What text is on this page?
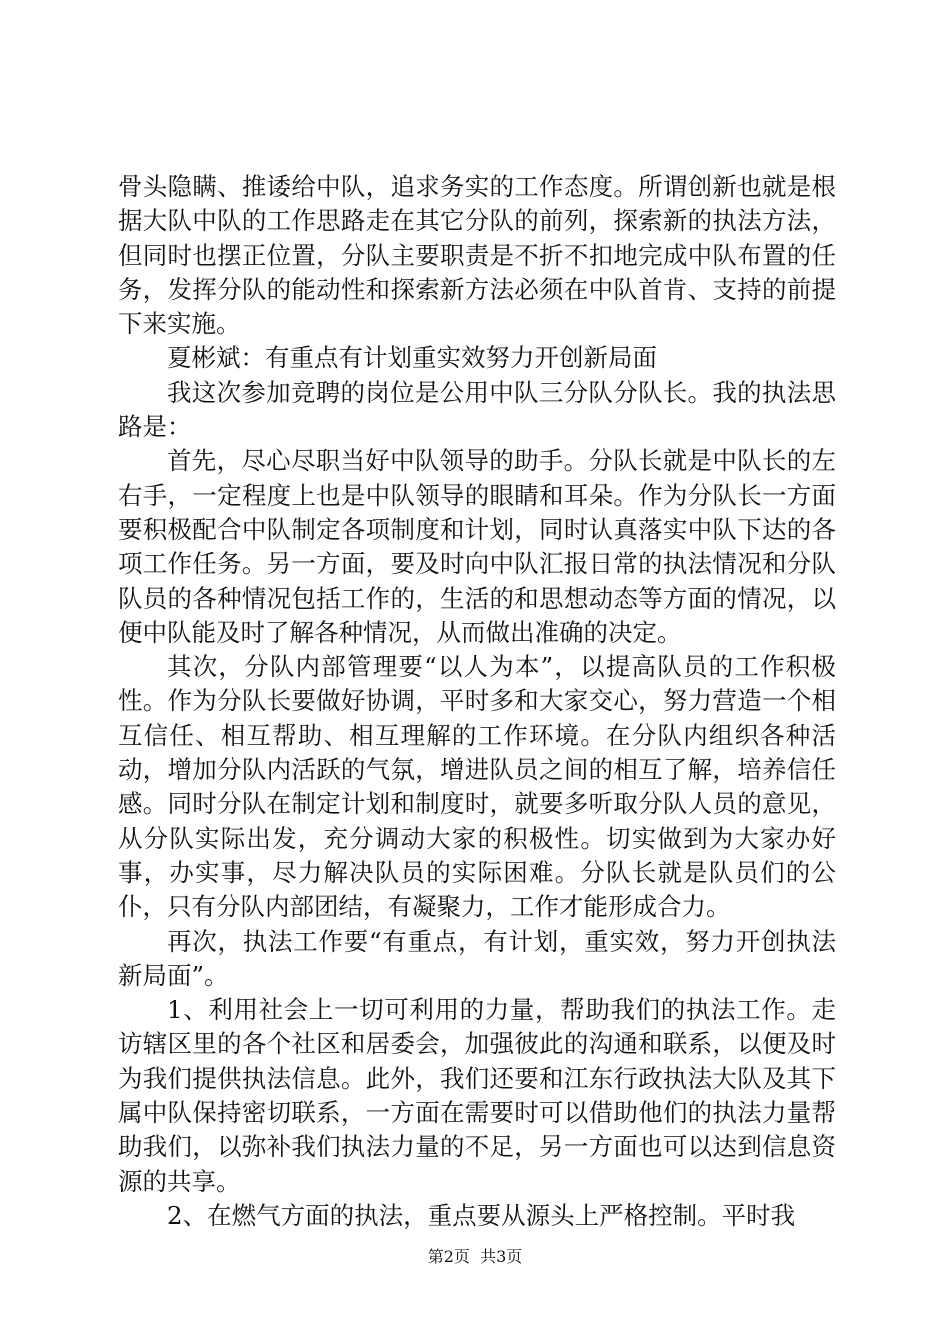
骨头隐瞒、推诿给中队，追求务实的工作态度。所谓创新也就是根据大队中队的工作思路走在其它分队的前列，探索新的执法方法，但同时也摆正位置，分队主要职责是不折不扣地完成中队布置的任务，发挥分队的能动性和探索新方法必须在中队首肯、支持的前提下来实施。

夏彬斌：有重点有计划重实效努力开创新局面

我这次参加竞聘的岗位是公用中队三分队分队长。我的执法思路是：

首先，尽心尽职当好中队领导的助手。分队长就是中队长的左右手，一定程度上也是中队领导的眼睛和耳朵。作为分队长一方面要积极配合中队制定各项制度和计划，同时认真落实中队下达的各项工作任务。另一方面，要及时向中队汇报日常的执法情况和分队队员的各种情况包括工作的，生活的和思想动态等方面的情况，以便中队能及时了解各种情况，从而做出准确的决定。

其次，分队内部管理要“以人为本”，以提高队员的工作积极性。作为分队长要做好协调，平时多和大家交心，努力营造一个相互信任、相互帮助、相互理解的工作环境。在分队内组织各种活动，增加分队内活跃的气氛，增进队员之间的相互了解，培养信任感。同时分队在制定计划和制度时，就要多听取分队人员的意见，从分队实际出发，充分调动大家的积极性。切实做到为大家办好事，办实事，尽力解决队员的实际困难。分队长就是队员们的公仆，只有分队内部团结，有凝聚力，工作才能形成合力。

再次，执法工作要“有重点，有计划，重实效，努力开创执法新局面”。

1、利用社会上一切可利用的力量，帮助我们的执法工作。走访辖区里的各个社区和居委会，加强彼此的沟通和联系，以便及时为我们提供执法信息。此外，我们还要和江东行政执法大队及其下属中队保持密切联系，一方面在需要时可以借助他们的执法力量帮助我们，以弥补我们执法力量的不足，另一方面也可以达到信息资源的共享。

2、在燃气方面的执法，重点要从源头上严格控制。平时我

第2页  共3页
